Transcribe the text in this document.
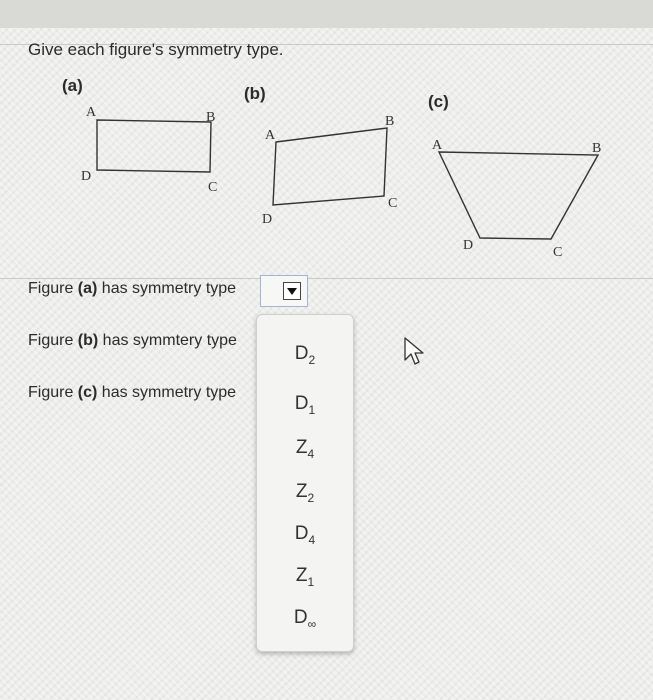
Give each figure's symmetry type.
(a)	(b)	(c)
A	B
C
D
A
B
C
D
A	B
C
D
Figure (a) has symmetry type
Figure (b) has symmtery type
Figure (c) has symmetry type
$D_2$
$D_1$
$Z_4$
$Z_2$
$D_4$
$Z_1$
$D_\infty$
